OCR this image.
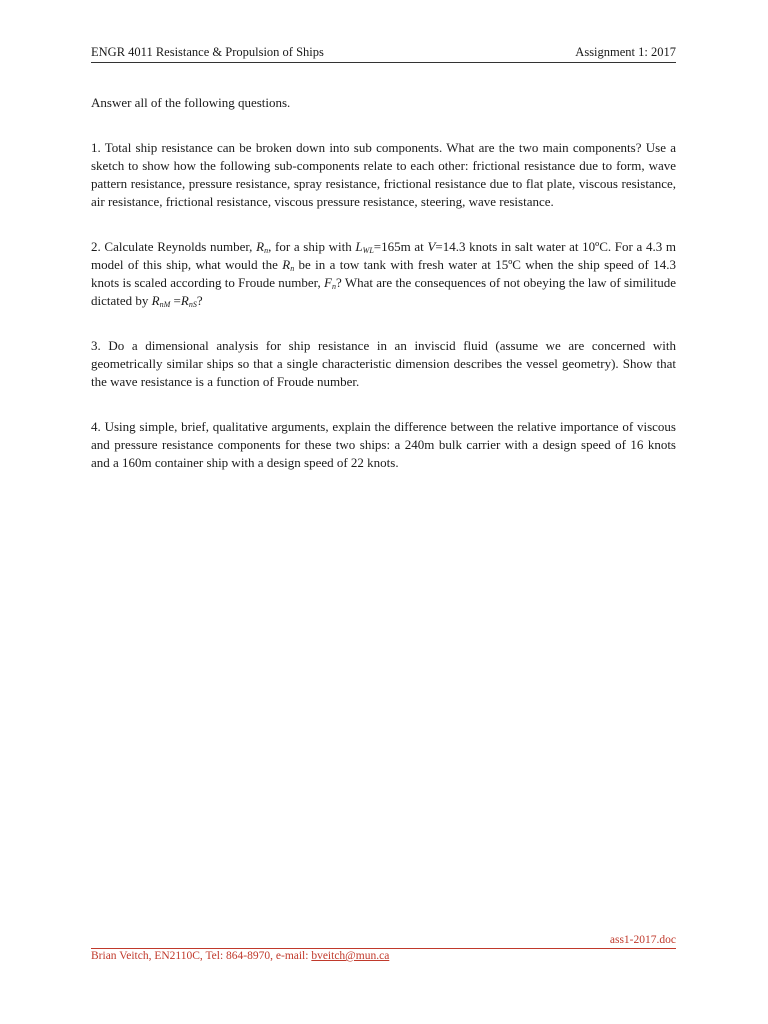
ENGR 4011 Resistance & Propulsion of Ships	Assignment 1: 2017

Answer all of the following questions.

1. Total ship resistance can be broken down into sub components. What are the two main components? Use a sketch to show how the following sub-components relate to each other: frictional resistance due to form, wave pattern resistance, pressure resistance, spray resistance, frictional resistance due to flat plate, viscous resistance, air resistance, frictional resistance, viscous pressure resistance, steering, wave resistance.

2. Calculate Reynolds number, $R_n$, for a ship with $L_{WL}=165m$ at V=14.3 knots in salt water at 10ºC. For a 4.3 m model of this ship, what would the $R_n$ be in a tow tank with fresh water at 15ºC when the ship speed of 14.3 knots is scaled according to Froude number, $F_n$? What are the consequences of not obeying the law of similitude dictated by $R_{nM} =R_{nS}$?

3. Do a dimensional analysis for ship resistance in an inviscid fluid (assume we are concerned with geometrically similar ships so that a single characteristic dimension describes the vessel geometry). Show that the wave resistance is a function of Froude number.

4. Using simple, brief, qualitative arguments, explain the difference between the relative importance of viscous and pressure resistance components for these two ships: a 240m bulk carrier with a design speed of 16 knots and a 160m container ship with a design speed of 22 knots.

ass1-2017.doc
Brian Veitch, EN2110C, Tel: 864-8970, e-mail: bveitch@mun.ca
